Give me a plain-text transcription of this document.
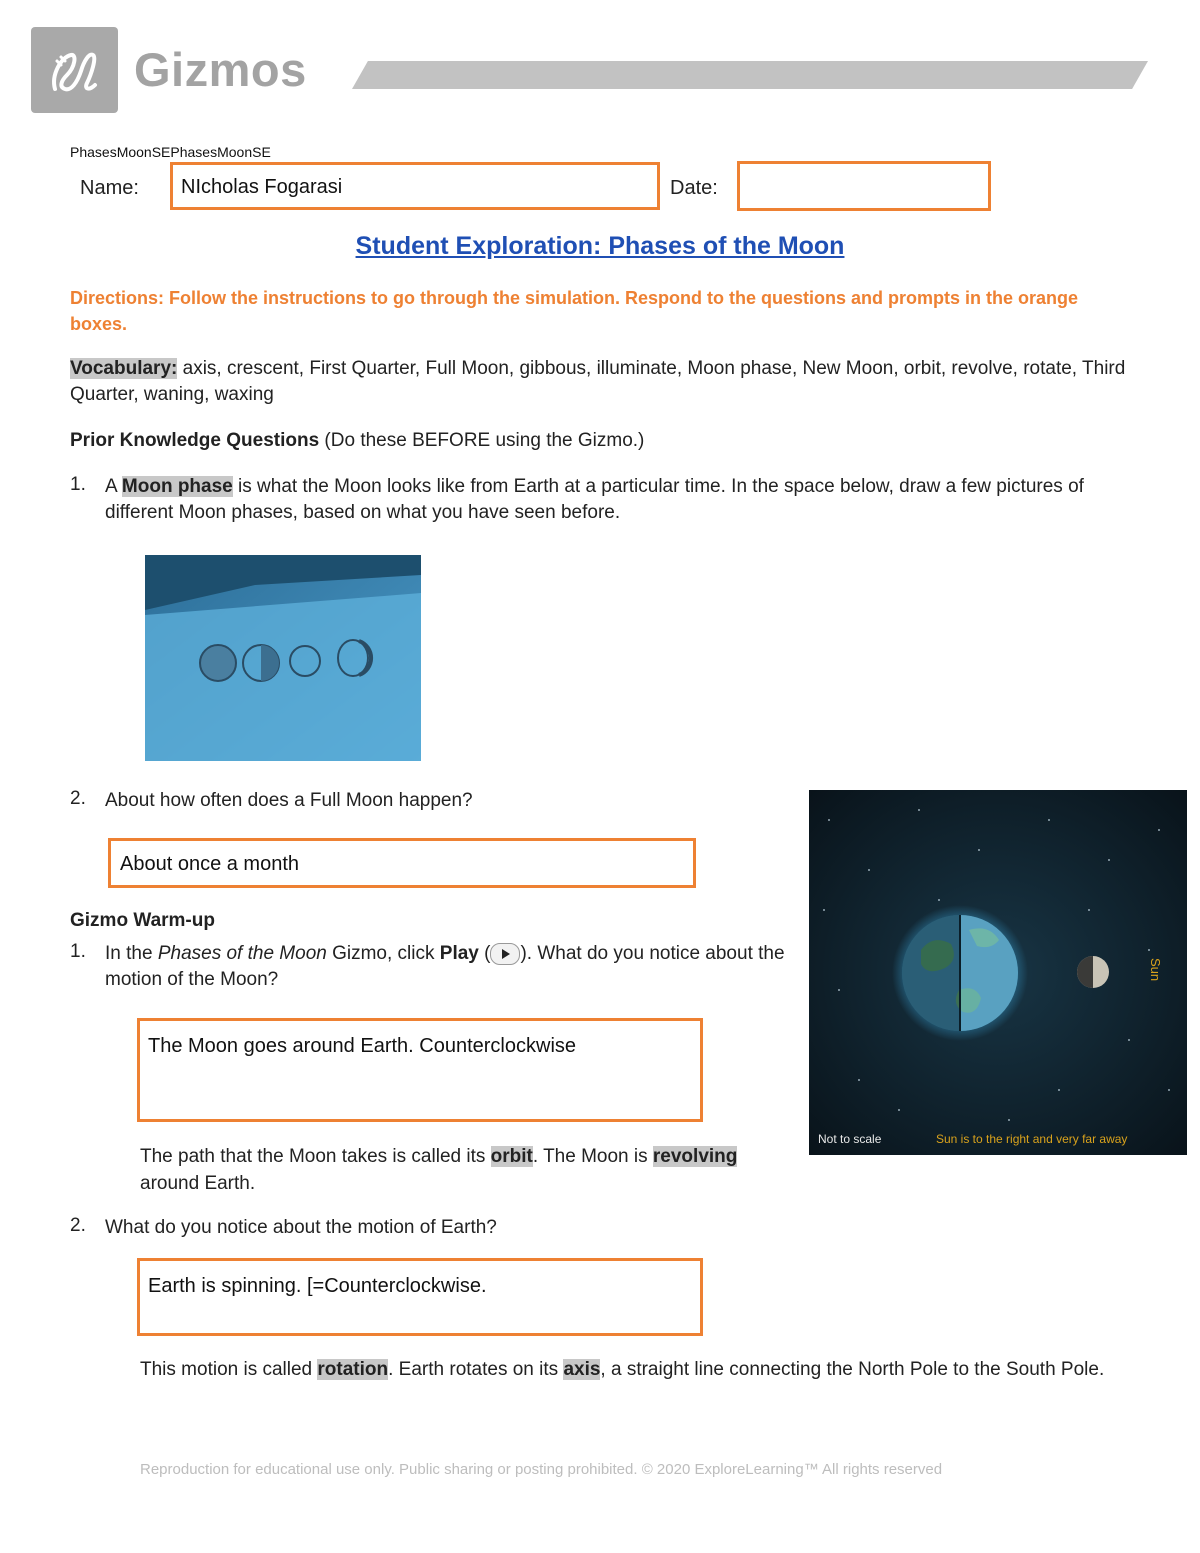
Gizmos
PhasesMoonSEPhasesMoonSE
Name:	NIcholas Fogarasi	Date:
Student Exploration: Phases of the Moon
Directions: Follow the instructions to go through the simulation. Respond to the questions and prompts in the orange boxes.
Vocabulary: axis, crescent, First Quarter, Full Moon, gibbous, illuminate, Moon phase, New Moon, orbit, revolve, rotate, Third Quarter, waning, waxing
Prior Knowledge Questions (Do these BEFORE using the Gizmo.)
1. A Moon phase is what the Moon looks like from Earth at a particular time. In the space below, draw a few pictures of different Moon phases, based on what you have seen before.
2. About how often does a Full Moon happen?
About once a month
Gizmo Warm-up
1. In the Phases of the Moon Gizmo, click Play ( ). What do you notice about the motion of the Moon?
The Moon goes around Earth. Counterclockwise
The path that the Moon takes is called its orbit. The Moon is revolving around Earth.
Sun
Not to scale	Sun is to the right and very far away
2. What do you notice about the motion of Earth?
Earth is spinning. [=Counterclockwise.
This motion is called rotation. Earth rotates on its axis, a straight line connecting the North Pole to the South Pole.
Reproduction for educational use only. Public sharing or posting prohibited. © 2020 ExploreLearning™ All rights reserved
